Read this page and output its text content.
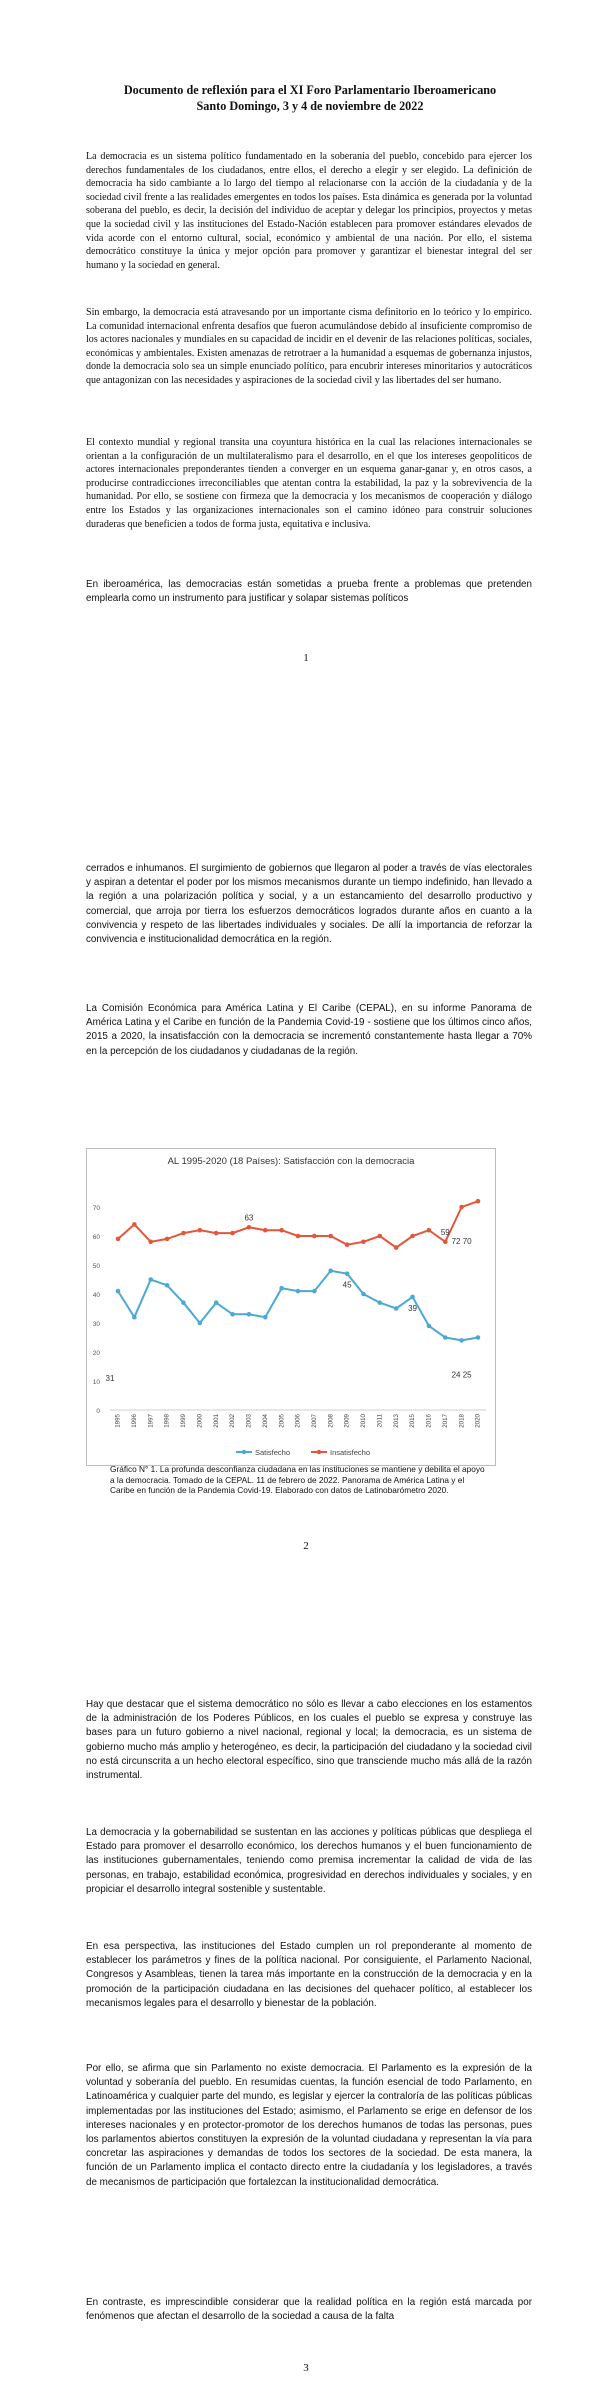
Documento de reflexión para el XI Foro Parlamentario Iberoamericano
Santo Domingo, 3 y 4 de noviembre de 2022
La democracia es un sistema político fundamentado en la soberanía del pueblo, concebido para ejercer los derechos fundamentales de los ciudadanos, entre ellos, el derecho a elegir y ser elegido. La definición de democracia ha sido cambiante a lo largo del tiempo al relacionarse con la acción de la ciudadanía y de la sociedad civil frente a las realidades emergentes en todos los países. Esta dinámica es generada por la voluntad soberana del pueblo, es decir, la decisión del individuo de aceptar y delegar los principios, proyectos y metas que la sociedad civil y las instituciones del Estado-Nación establecen para promover estándares elevados de vida acorde con el entorno cultural, social, económico y ambiental de una nación. Por ello, el sistema democrático constituye la única y mejor opción para promover y garantizar el bienestar integral del ser humano y la sociedad en general.
Sin embargo, la democracia está atravesando por un importante cisma definitorio en lo teórico y lo empírico. La comunidad internacional enfrenta desafíos que fueron acumulándose debido al insuficiente compromiso de los actores nacionales y mundiales en su capacidad de incidir en el devenir de las relaciones políticas, sociales, económicas y ambientales. Existen amenazas de retrotraer a la humanidad a esquemas de gobernanza injustos, donde la democracia solo sea un simple enunciado político, para encubrir intereses minoritarios y autocráticos que antagonizan con las necesidades y aspiraciones de la sociedad civil y las libertades del ser humano.
El contexto mundial y regional transita una coyuntura histórica en la cual las relaciones internacionales se orientan a la configuración de un multilateralismo para el desarrollo, en el que los intereses geopolíticos de actores internacionales preponderantes tienden a converger en un esquema ganar-ganar y, en otros casos, a producirse contradicciones irreconciliables que atentan contra la estabilidad, la paz y la sobrevivencia de la humanidad. Por ello, se sostiene con firmeza que la democracia y los mecanismos de cooperación y diálogo entre los Estados y las organizaciones internacionales son el camino idóneo para construir soluciones duraderas que beneficien a todos de forma justa, equitativa e inclusiva.
En iberoamérica, las democracias están sometidas a prueba frente a problemas que pretenden emplearla como un instrumento para justificar y solapar sistemas políticos
1
cerrados e inhumanos. El surgimiento de gobiernos que llegaron al poder a través de vías electorales y aspiran a detentar el poder por los mismos mecanismos durante un tiempo indefinido, han llevado a la región a una polarización política y social, y a un estancamiento del desarrollo productivo y comercial, que arroja por tierra los esfuerzos democráticos logrados durante años en cuanto a la convivencia y respeto de las libertades individuales y sociales. De allí la importancia de reforzar la convivencia e institucionalidad democrática en la región.
La Comisión Económica para América Latina y El Caribe (CEPAL), en su informe Panorama de América Latina y el Caribe en función de la Pandemia Covid-19 - sostiene que los últimos cinco años, 2015 a 2020, la insatisfacción con la democracia se incrementó constantemente hasta llegar a 70% en la percepción de los ciudadanos y ciudadanas de la región.
AL 1995-2020 (18 Países): Satisfacción con la democracia
0
10
20
30
40
50
60
70
1995 1996 1997 1998 1999 2000 2001 2002 2003 2004 2005 2006 2007 2008 2009 2010 2011 2013 2015 2016 2017 2018 2020
63
59
45
39
72 70
24 25
31
Satisfecho	Insatisfecho
Gráfico N° 1. La profunda desconfianza ciudadana en las instituciones se mantiene y debilita el apoyo a la democracia. Tomado de la CEPAL. 11 de febrero de 2022. Panorama de América Latina y el Caribe en función de la Pandemia Covid-19. Elaborado con datos de Latinobarómetro 2020.
2
Hay que destacar que el sistema democrático no sólo es llevar a cabo elecciones en los estamentos de la administración de los Poderes Públicos, en los cuales el pueblo se expresa y construye las bases para un futuro gobierno a nivel nacional, regional y local; la democracia, es un sistema de gobierno mucho más amplio y heterogéneo, es decir, la participación del ciudadano y la sociedad civil no está circunscrita a un hecho electoral específico, sino que transciende mucho más allá de la razón instrumental.
La democracia y la gobernabilidad se sustentan en las acciones y políticas públicas que despliega el Estado para promover el desarrollo económico, los derechos humanos y el buen funcionamiento de las instituciones gubernamentales, teniendo como premisa incrementar la calidad de vida de las personas, en trabajo, estabilidad económica, progresividad en derechos individuales y sociales, y en propiciar el desarrollo integral sostenible y sustentable.
En esa perspectiva, las instituciones del Estado cumplen un rol preponderante al momento de establecer los parámetros y fines de la política nacional. Por consiguiente, el Parlamento Nacional, Congresos y Asambleas, tienen la tarea más importante en la construcción de la democracia y en la promoción de la participación ciudadana en las decisiones del quehacer político, al establecer los mecanismos legales para el desarrollo y bienestar de la población.
Por ello, se afirma que sin Parlamento no existe democracia. El Parlamento es la expresión de la voluntad y soberanía del pueblo. En resumidas cuentas, la función esencial de todo Parlamento, en Latinoamérica y cualquier parte del mundo, es legislar y ejercer la contraloría de las políticas públicas implementadas por las instituciones del Estado; asimismo, el Parlamento se erige en defensor de los intereses nacionales y en protector-promotor de los derechos humanos de todas las personas, pues los parlamentos abiertos constituyen la expresión de la voluntad ciudadana y representan la vía para concretar las aspiraciones y demandas de todos los sectores de la sociedad. De esta manera, la función de un Parlamento implica el contacto directo entre la ciudadanía y los legisladores, a través de mecanismos de participación que fortalezcan la institucionalidad democrática.
En contraste, es imprescindible considerar que la realidad política en la región está marcada por fenómenos que afectan el desarrollo de la sociedad a causa de la falta
3
